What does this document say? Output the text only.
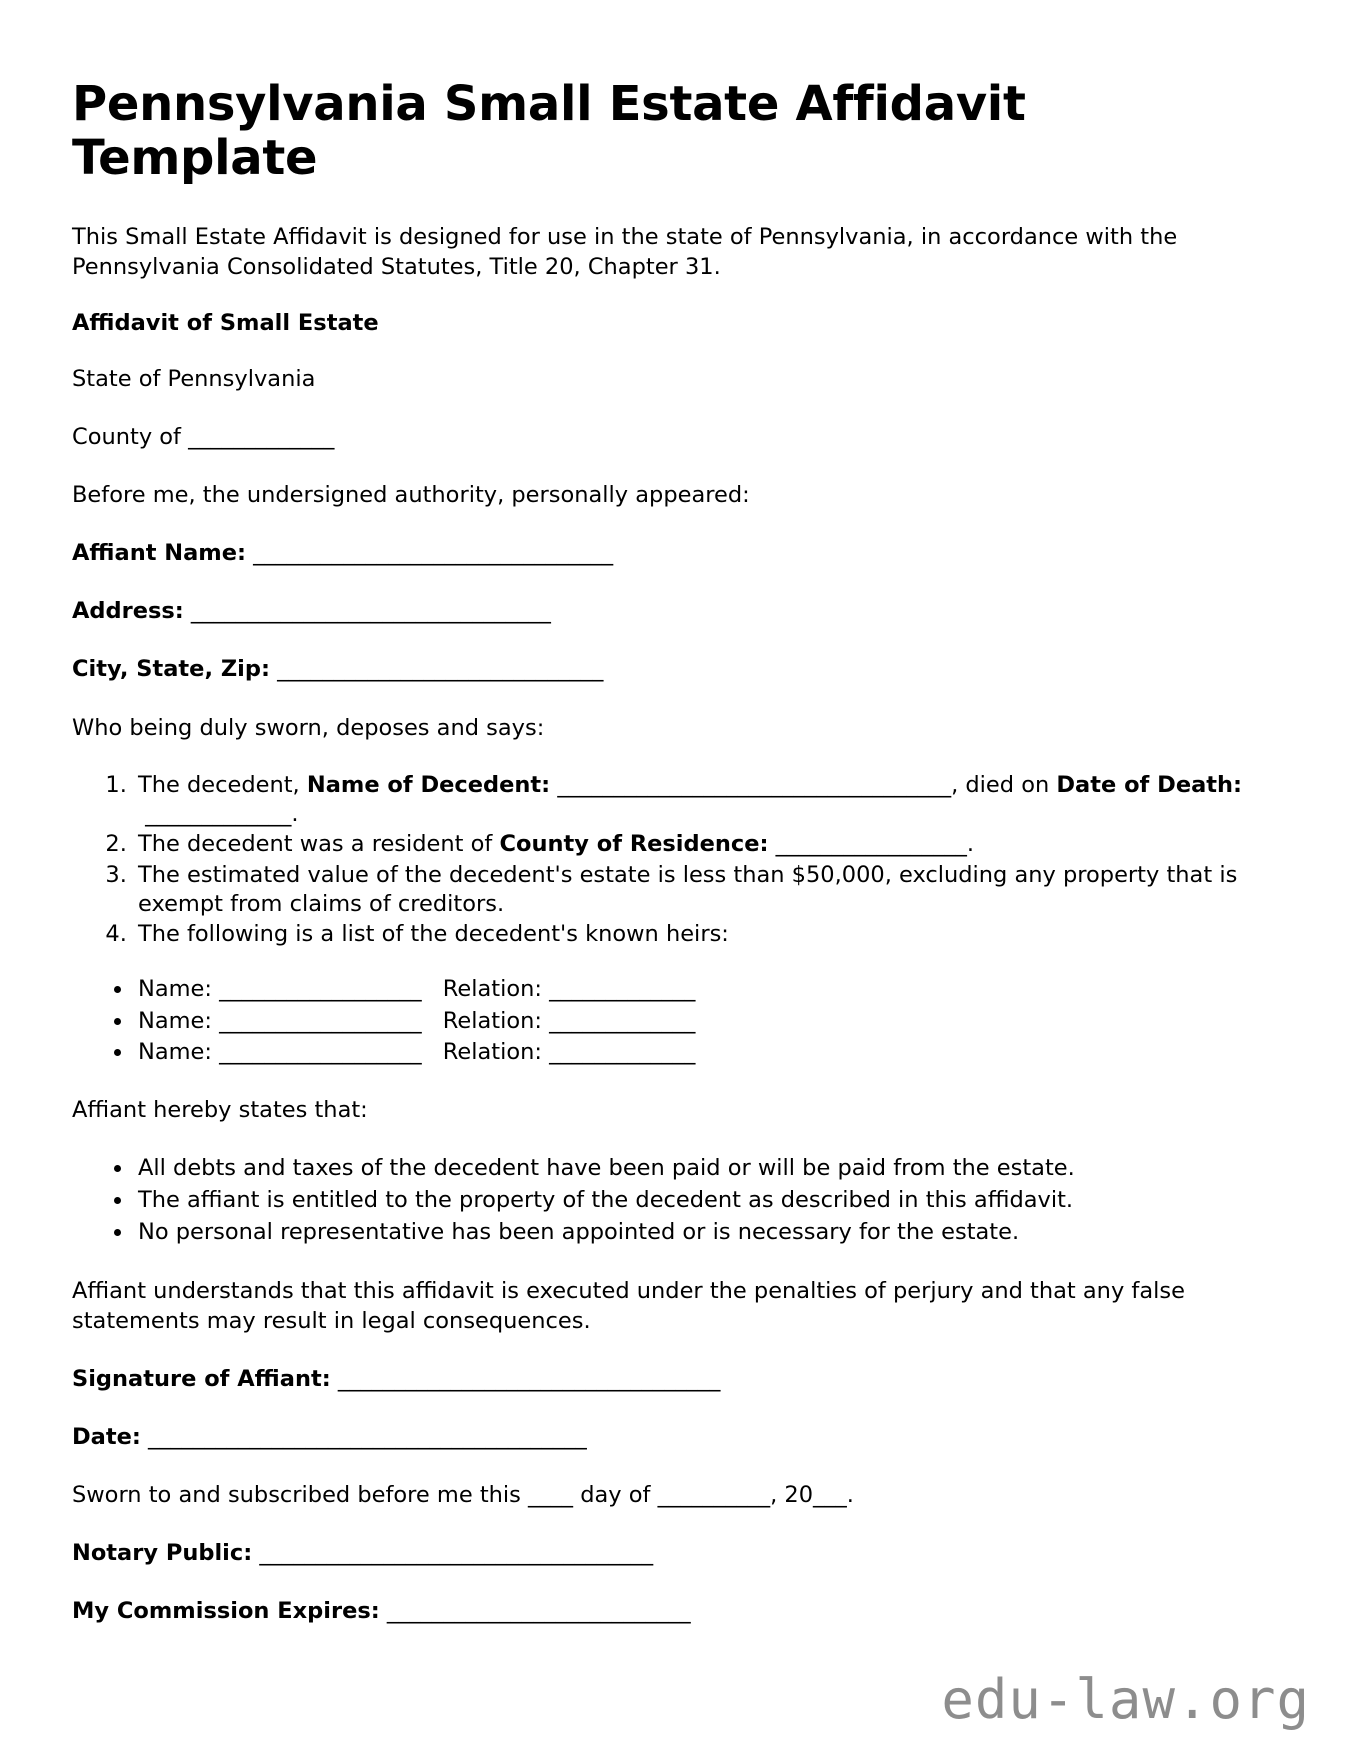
Pennsylvania Small Estate Affidavit Template

This Small Estate Affidavit is designed for use in the state of Pennsylvania, in accordance with the Pennsylvania Consolidated Statutes, Title 20, Chapter 31.

Affidavit of Small Estate

State of Pennsylvania

County of _____________

Before me, the undersigned authority, personally appeared:

Affiant Name: ________________________________
Address: ________________________________
City, State, Zip: _____________________________

Who being duly sworn, deposes and says:

1. The decedent, Name of Decedent: ___________________________________, died on Date of Death: _____________.
2. The decedent was a resident of County of Residence: _________________.
3. The estimated value of the decedent's estate is less than $50,000, excluding any property that is exempt from claims of creditors.
4. The following is a list of the decedent's known heirs:
• Name: __________________ Relation: _____________
• Name: __________________ Relation: _____________
• Name: __________________ Relation: _____________

Affiant hereby states that:

• All debts and taxes of the decedent have been paid or will be paid from the estate.
• The affiant is entitled to the property of the decedent as described in this affidavit.
• No personal representative has been appointed or is necessary for the estate.

Affiant understands that this affidavit is executed under the penalties of perjury and that any false statements may result in legal consequences.

Signature of Affiant: __________________________________
Date: _______________________________________
Sworn to and subscribed before me this ____ day of __________, 20___.
Notary Public: ___________________________________
My Commission Expires: ___________________________
edu-law.org
